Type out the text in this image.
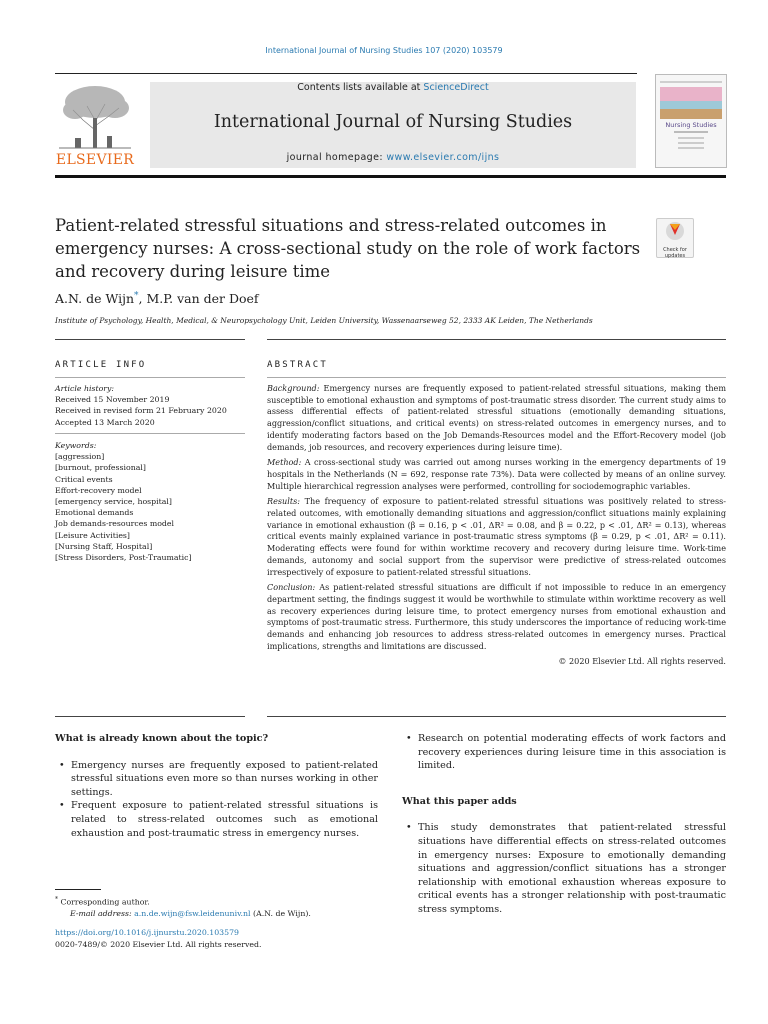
International Journal of Nursing Studies 107 (2020) 103579
ELSEVIER
Contents lists available at ScienceDirect
International Journal of Nursing Studies
journal homepage: www.elsevier.com/ijns
Nursing Studies
Patient-related stressful situations and stress-related outcomes in emergency nurses: A cross-sectional study on the role of work factors and recovery during leisure time
Check for updates
A.N. de Wijn*, M.P. van der Doef
Institute of Psychology, Health, Medical, & Neuropsychology Unit, Leiden University, Wassenaarseweg 52, 2333 AK Leiden, The Netherlands
ARTICLE INFO	ABSTRACT
Article history:
Received 15 November 2019
Received in revised form 21 February 2020
Accepted 13 March 2020
Keywords:
[aggression]
[burnout, professional]
Critical events
Effort-recovery model
[emergency service, hospital]
Emotional demands
Job demands-resources model
[Leisure Activities]
[Nursing Staff, Hospital]
[Stress Disorders, Post-Traumatic]

Background: Emergency nurses are frequently exposed to patient-related stressful situations, making them susceptible to emotional exhaustion and symptoms of post-traumatic stress disorder. The current study aims to assess differential effects of patient-related stressful situations (emotionally demanding situations, aggression/conflict situations, and critical events) on stress-related outcomes in emergency nurses, and to identify moderating factors based on the Job Demands-Resources model and the Effort-Recovery model (job demands, job resources, and recovery experiences during leisure time).

Method: A cross-sectional study was carried out among nurses working in the emergency departments of 19 hospitals in the Netherlands (N = 692, response rate 73%). Data were collected by means of an online survey. Multiple hierarchical regression analyses were performed, controlling for sociodemographic variables.

Results: The frequency of exposure to patient-related stressful situations was positively related to stress-related outcomes, with emotionally demanding situations and aggression/conflict situations mainly explaining variance in emotional exhaustion (β = 0.16, p < .01, ΔR² = 0.08, and β = 0.22, p < .01, ΔR² = 0.13), whereas critical events mainly explained variance in post-traumatic stress symptoms (β = 0.29, p < .01, ΔR² = 0.11). Moderating effects were found for within worktime recovery and recovery during leisure time. Work-time demands, autonomy and social support from the supervisor were predictive of stress-related outcomes irrespectively of exposure to patient-related stressful situations.

Conclusion: As patient-related stressful situations are difficult if not impossible to reduce in an emergency department setting, the findings suggest it would be worthwhile to stimulate within worktime recovery as well as recovery experiences during leisure time, to protect emergency nurses from emotional exhaustion and symptoms of post-traumatic stress. Furthermore, this study underscores the importance of reducing work-time demands and enhancing job resources to address stress-related outcomes in emergency nurses. Practical implications, strengths and limitations are discussed.

© 2020 Elsevier Ltd. All rights reserved.

What is already known about the topic?

• Emergency nurses are frequently exposed to patient-related stressful situations even more so than nurses working in other settings.
• Frequent exposure to patient-related stressful situations is related to stress-related outcomes such as emotional exhaustion and post-traumatic stress in emergency nurses.
• Research on potential moderating effects of work factors and recovery experiences during leisure time in this association is limited.

What this paper adds

• This study demonstrates that patient-related stressful situations have differential effects on stress-related outcomes in emergency nurses: Exposure to emotionally demanding situations and aggression/conflict situations has a stronger relationship with emotional exhaustion whereas exposure to critical events has a stronger relationship with post-traumatic stress symptoms.
* Corresponding author.
E-mail address: a.n.de.wijn@fsw.leidenuniv.nl (A.N. de Wijn).
https://doi.org/10.1016/j.ijnurstu.2020.103579
0020-7489/© 2020 Elsevier Ltd. All rights reserved.
